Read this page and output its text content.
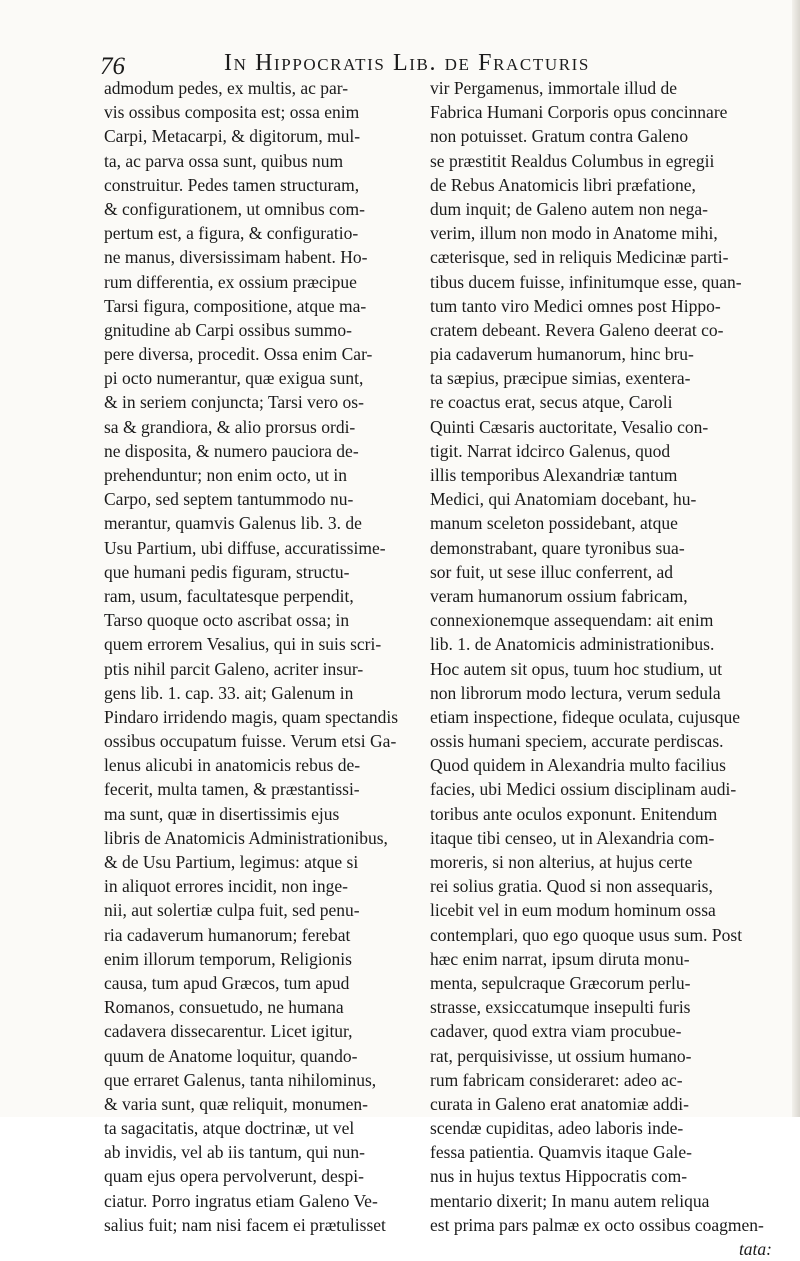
76	In Hippocratis Lib. de Fracturis
admodum pedes, ex multis, ac par-
vis ossibus composita est; ossa enim
Carpi, Metacarpi, & digitorum, mul-
ta, ac parva ossa sunt, quibus num
construitur. Pedes tamen structuram,
& configurationem, ut omnibus com-
pertum est, a figura, & configuratio-
ne manus, diversissimam habent. Ho-
rum differentia, ex ossium præcipue
Tarsi figura, compositione, atque ma-
gnitudine ab Carpi ossibus summo-
pere diversa, procedit. Ossa enim Car-
pi octo numerantur, quæ exigua sunt,
& in seriem conjuncta; Tarsi vero os-
sa & grandiora, & alio prorsus ordi-
ne disposita, & numero pauciora de-
prehenduntur; non enim octo, ut in
Carpo, sed septem tantummodo nu-
merantur, quamvis Galenus lib. 3. de
Usu Partium, ubi diffuse, accuratissime-
que humani pedis figuram, structu-
ram, usum, facultatesque perpendit,
Tarso quoque octo ascribat ossa; in
quem errorem Vesalius, qui in suis scri-
ptis nihil parcit Galeno, acriter insur-
gens lib. 1. cap. 33. ait; Galenum in
Pindaro irridendo magis, quam spectandis
ossibus occupatum fuisse. Verum etsi Ga-
lenus alicubi in anatomicis rebus de-
fecerit, multa tamen, & præstantissi-
ma sunt, quæ in disertissimis ejus
libris de Anatomicis Administrationibus,
& de Usu Partium, legimus: atque si
in aliquot errores incidit, non inge-
nii, aut solertiæ culpa fuit, sed penu-
ria cadaverum humanorum; ferebat
enim illorum temporum, Religionis
causa, tum apud Græcos, tum apud
Romanos, consuetudo, ne humana
cadavera dissecarentur. Licet igitur,
quum de Anatome loquitur, quando-
que erraret Galenus, tanta nihilominus,
& varia sunt, quæ reliquit, monumen-
ta sagacitatis, atque doctrinæ, ut vel
ab invidis, vel ab iis tantum, qui nun-
quam ejus opera pervolverunt, despi-
ciatur. Porro ingratus etiam Galeno Ve-
salius fuit; nam nisi facem ei prætulisset
vir Pergamenus, immortale illud de
Fabrica Humani Corporis opus concinnare
non potuisset. Gratum contra Galeno
se præstitit Realdus Columbus in egregii
de Rebus Anatomicis libri præfatione,
dum inquit; de Galeno autem non nega-
verim, illum non modo in Anatome mihi,
cæterisque, sed in reliquis Medicinæ parti-
tibus ducem fuisse, infinitumque esse, quan-
tum tanto viro Medici omnes post Hippo-
cratem debeant. Revera Galeno deerat co-
pia cadaverum humanorum, hinc bru-
ta sæpius, præcipue simias, exentera-
re coactus erat, secus atque, Caroli
Quinti Cæsaris auctoritate, Vesalio con-
tigit. Narrat idcirco Galenus, quod
illis temporibus Alexandriæ tantum
Medici, qui Anatomiam docebant, hu-
manum sceleton possidebant, atque
demonstrabant, quare tyronibus sua-
sor fuit, ut sese illuc conferrent, ad
veram humanorum ossium fabricam,
connexionemque assequendam: ait enim
lib. 1. de Anatomicis administrationibus.
Hoc autem sit opus, tuum hoc studium, ut
non librorum modo lectura, verum sedula
etiam inspectione, fideque oculata, cujusque
ossis humani speciem, accurate perdiscas.
Quod quidem in Alexandria multo facilius
facies, ubi Medici ossium disciplinam audi-
toribus ante oculos exponunt. Enitendum
itaque tibi censeo, ut in Alexandria com-
moreris, si non alterius, at hujus certe
rei solius gratia. Quod si non assequaris,
licebit vel in eum modum hominum ossa
contemplari, quo ego quoque usus sum. Post
hæc enim narrat, ipsum diruta monu-
menta, sepulcraque Græcorum perlu-
strasse, exsiccatumque insepulti furis
cadaver, quod extra viam procubue-
rat, perquisivisse, ut ossium humano-
rum fabricam consideraret: adeo ac-
curata in Galeno erat anatomiæ addi-
scendæ cupiditas, adeo laboris inde-
fessa patientia. Quamvis itaque Gale-
nus in hujus textus Hippocratis com-
mentario dixerit; In manu autem reliqua
est prima pars palmæ ex octo ossibus coagmen-
tata:
